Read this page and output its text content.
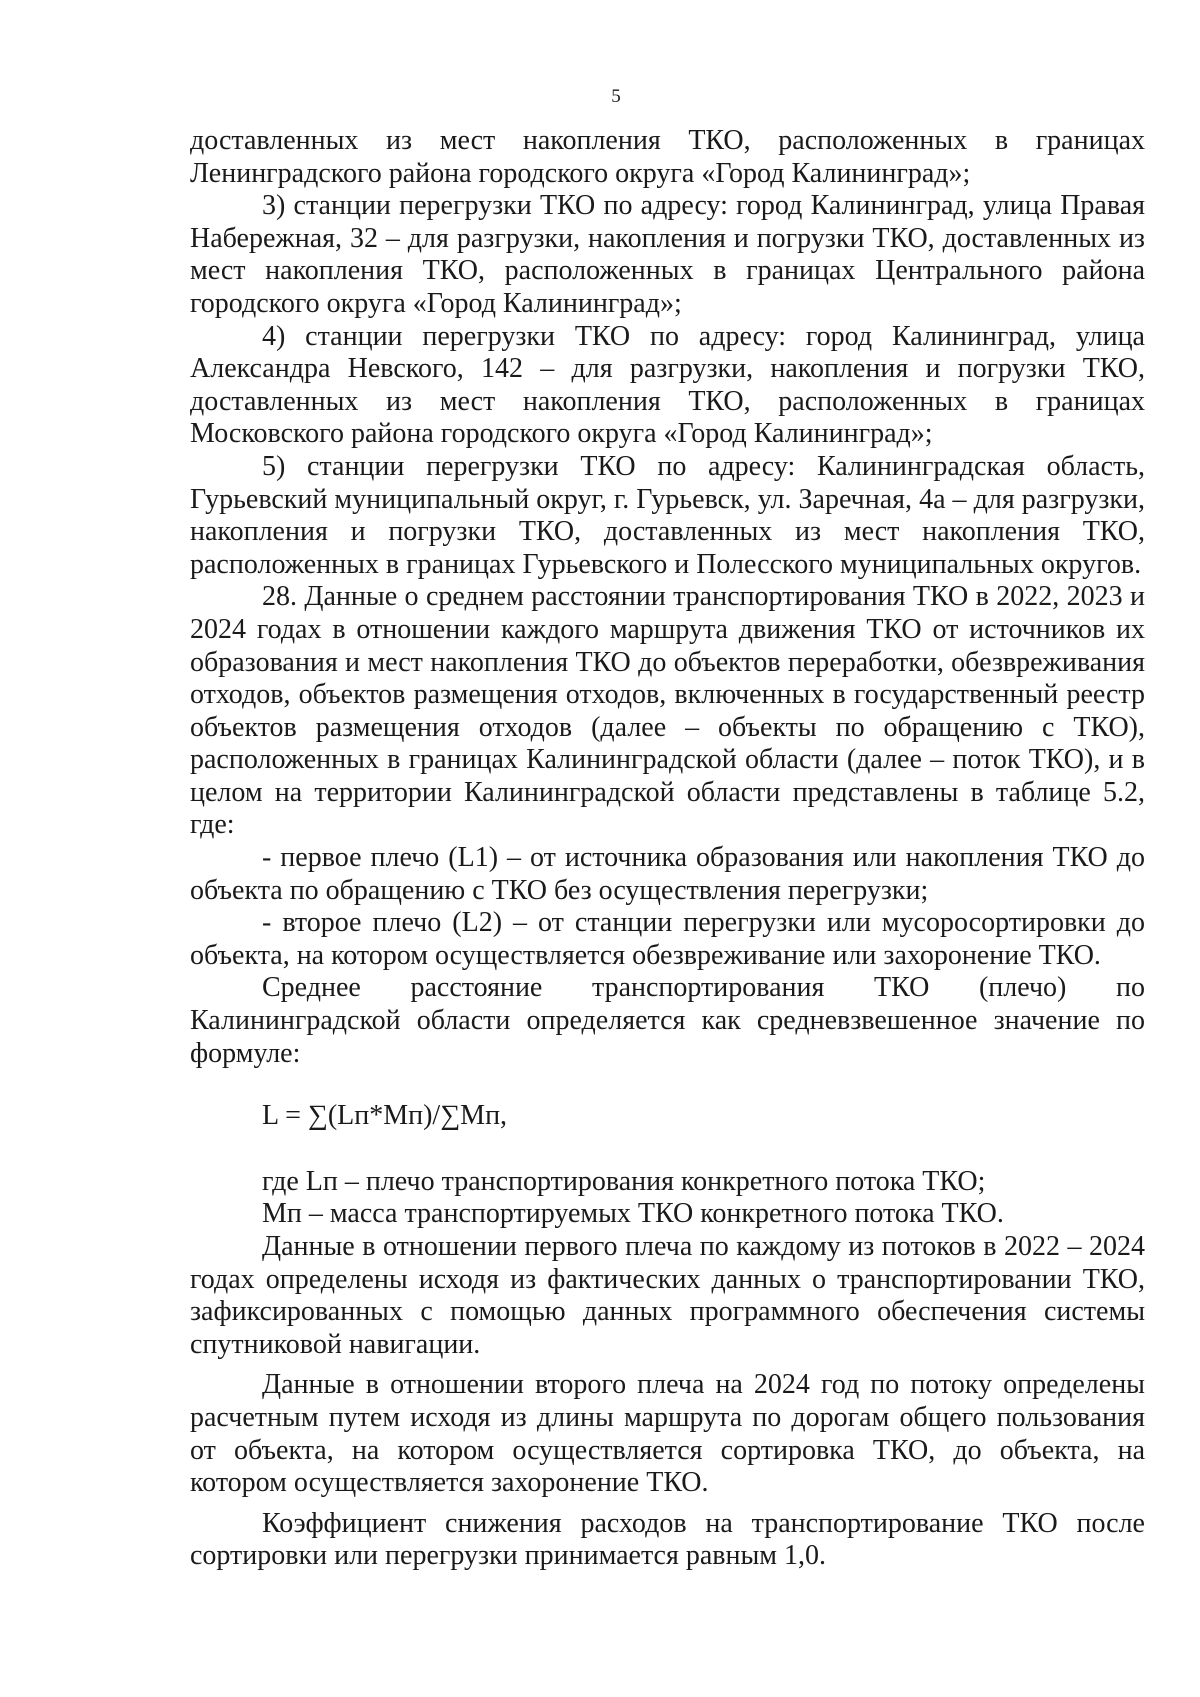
5

доставленных из мест накопления ТКО, расположенных в границах Ленинградского района городского округа «Город Калининград»;

3) станции перегрузки ТКО по адресу: город Калининград, улица Правая Набережная, 32 – для разгрузки, накопления и погрузки ТКО, доставленных из мест накопления ТКО, расположенных в границах Центрального района городского округа «Город Калининград»;

4) станции перегрузки ТКО по адресу: город Калининград, улица Александра Невского, 142 – для разгрузки, накопления и погрузки ТКО, доставленных из мест накопления ТКО, расположенных в границах Московского района городского округа «Город Калининград»;

5) станции перегрузки ТКО по адресу: Калининградская область, Гурьевский муниципальный округ, г. Гурьевск, ул. Заречная, 4а – для разгрузки, накопления и погрузки ТКО, доставленных из мест накопления ТКО, расположенных в границах Гурьевского и Полесского муниципальных округов.

28. Данные о среднем расстоянии транспортирования ТКО в 2022, 2023 и 2024 годах в отношении каждого маршрута движения ТКО от источников их образования и мест накопления ТКО до объектов переработки, обезвреживания отходов, объектов размещения отходов, включенных в государственный реестр объектов размещения отходов (далее – объекты по обращению с ТКО), расположенных в границах Калининградской области (далее – поток ТКО), и в целом на территории Калининградской области представлены в таблице 5.2, где:

- первое плечо (L1) – от источника образования или накопления ТКО до объекта по обращению с ТКО без осуществления перегрузки;

- второе плечо (L2) – от станции перегрузки или мусоросортировки до объекта, на котором осуществляется обезвреживание или захоронение ТКО.

Среднее расстояние транспортирования ТКО (плечо) по Калининградской области определяется как средневзвешенное значение по формуле:

L = ∑(Lп*Мп)/∑Мп,

где Lп – плечо транспортирования конкретного потока ТКО;

Мп – масса транспортируемых ТКО конкретного потока ТКО.

Данные в отношении первого плеча по каждому из потоков в 2022 – 2024 годах определены исходя из фактических данных о транспортировании ТКО, зафиксированных с помощью данных программного обеспечения системы спутниковой навигации.

Данные в отношении второго плеча на 2024 год по потоку определены расчетным путем исходя из длины маршрута по дорогам общего пользования от объекта, на котором осуществляется сортировка ТКО, до объекта, на котором осуществляется захоронение ТКО.

Коэффициент снижения расходов на транспортирование ТКО после сортировки или перегрузки принимается равным 1,0.
